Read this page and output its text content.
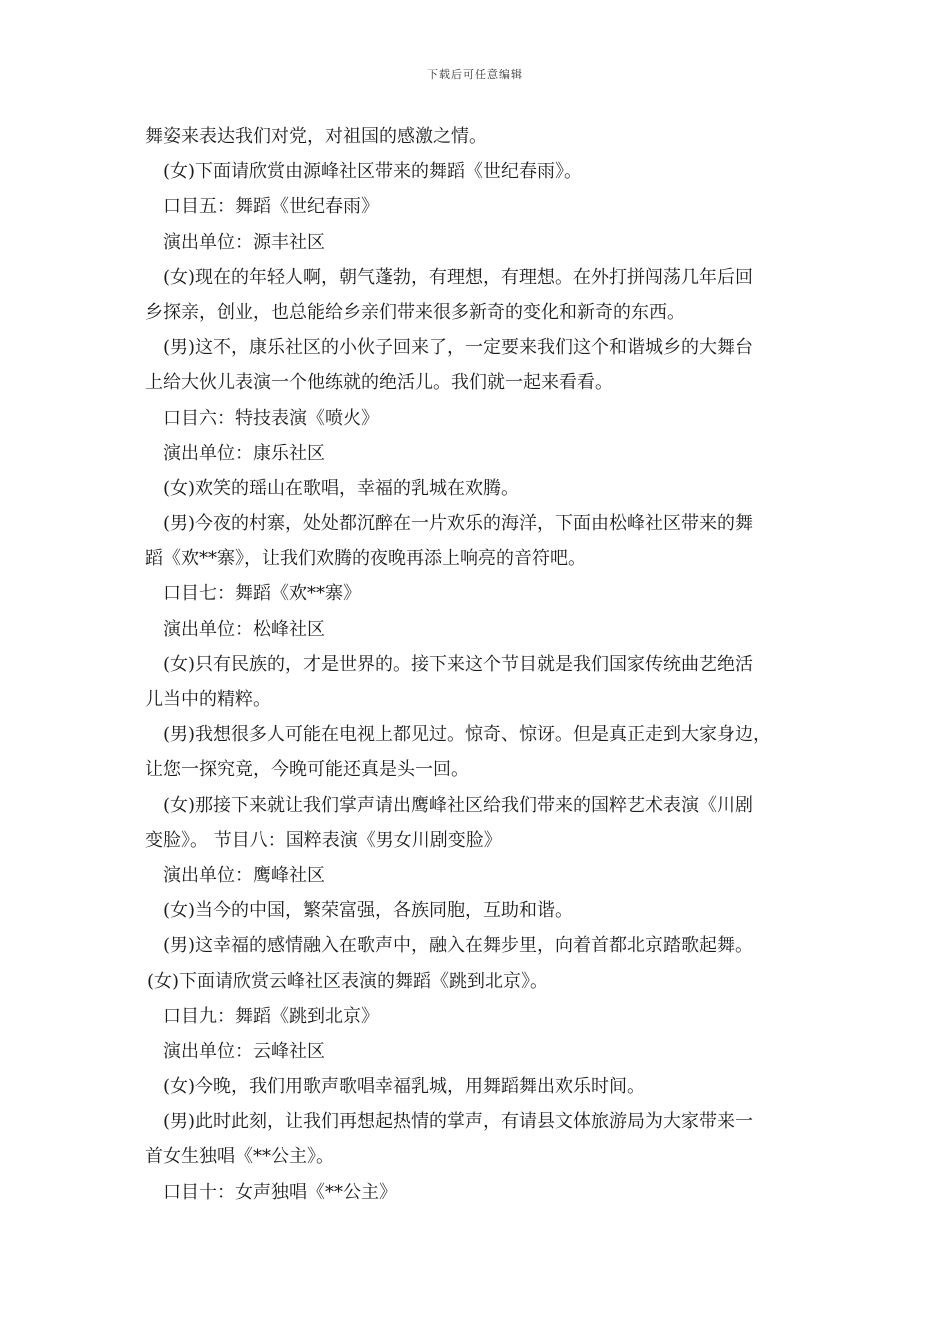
下载后可任意编辑
舞姿来表达我们对党，对祖国的感激之情。
(女)下面请欣赏由源峰社区带来的舞蹈《世纪春雨》。
口目五：舞蹈《世纪春雨》
演出单位：源丰社区
(女)现在的年轻人啊，朝气蓬勃，有理想，有理想。在外打拼闯荡几年后回
乡探亲，创业，也总能给乡亲们带来很多新奇的变化和新奇的东西。
(男)这不，康乐社区的小伙子回来了，一定要来我们这个和谐城乡的大舞台
上给大伙儿表演一个他练就的绝活儿。我们就一起来看看。
口目六：特技表演《喷火》
演出单位：康乐社区
(女)欢笑的瑶山在歌唱，幸福的乳城在欢腾。
(男)今夜的村寨，处处都沉醉在一片欢乐的海洋，下面由松峰社区带来的舞
蹈《欢**寨》，让我们欢腾的夜晚再添上响亮的音符吧。
口目七：舞蹈《欢**寨》
演出单位：松峰社区
(女)只有民族的，才是世界的。接下来这个节目就是我们国家传统曲艺绝活
儿当中的精粹。
(男)我想很多人可能在电视上都见过。惊奇、惊讶。但是真正走到大家身边，
让您一探究竟，今晚可能还真是头一回。
(女)那接下来就让我们掌声请出鹰峰社区给我们带来的国粹艺术表演《川剧
变脸》。 节目八：国粹表演《男女川剧变脸》
演出单位：鹰峰社区
(女)当今的中国，繁荣富强，各族同胞，互助和谐。
(男)这幸福的感情融入在歌声中，融入在舞步里，向着首都北京踏歌起舞。
(女)下面请欣赏云峰社区表演的舞蹈《跳到北京》。
口目九：舞蹈《跳到北京》
演出单位：云峰社区
(女)今晚，我们用歌声歌唱幸福乳城，用舞蹈舞出欢乐时间。
(男)此时此刻，让我们再想起热情的掌声，有请县文体旅游局为大家带来一
首女生独唱《**公主》。
口目十：女声独唱《**公主》
